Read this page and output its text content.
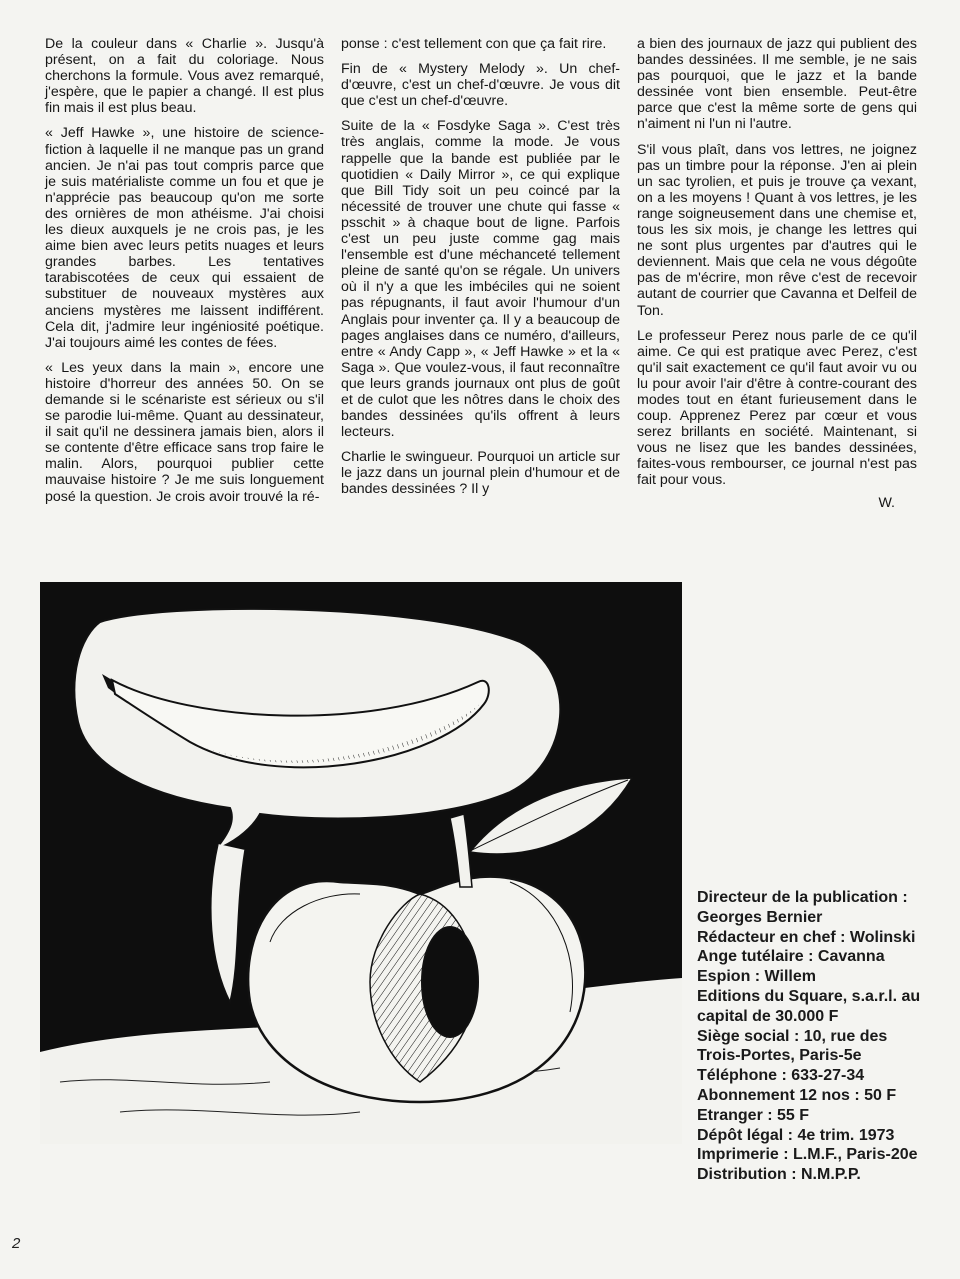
De la couleur dans « Charlie ». Jusqu'à présent, on a fait du coloriage. Nous cherchons la formule. Vous avez remarqué, j'espère, que le papier a changé. Il est plus fin mais il est plus beau.

« Jeff Hawke », une histoire de science-fiction à laquelle il ne manque pas un grand ancien. Je n'ai pas tout compris parce que je suis matérialiste comme un fou et que je n'apprécie pas beaucoup qu'on me sorte des ornières de mon athéisme. J'ai choisi les dieux auxquels je ne crois pas, je les aime bien avec leurs petits nuages et leurs grandes barbes. Les tentatives tarabiscotées de ceux qui essaient de substituer de nouveaux mystères aux anciens mystères me laissent indifférent. Cela dit, j'admire leur ingéniosité poétique. J'ai toujours aimé les contes de fées.

« Les yeux dans la main », encore une histoire d'horreur des années 50. On se demande si le scénariste est sérieux ou s'il se parodie lui-même. Quant au dessinateur, il sait qu'il ne dessinera jamais bien, alors il se contente d'être efficace sans trop faire le malin. Alors, pourquoi publier cette mauvaise histoire ? Je me suis longuement posé la question. Je crois avoir trouvé la ré-

ponse : c'est tellement con que ça fait rire.

Fin de « Mystery Melody ». Un chef-d'œuvre, c'est un chef-d'œuvre. Je vous dit que c'est un chef-d'œuvre.

Suite de la « Fosdyke Saga ». C'est très très anglais, comme la mode. Je vous rappelle que la bande est publiée par le quotidien « Daily Mirror », ce qui explique que Bill Tidy soit un peu coincé par la nécessité de trouver une chute qui fasse « psschit » à chaque bout de ligne. Parfois c'est un peu juste comme gag mais l'ensemble est d'une méchanceté tellement pleine de santé qu'on se régale. Un univers où il n'y a que les imbéciles qui ne soient pas répugnants, il faut avoir l'humour d'un Anglais pour inventer ça. Il y a beaucoup de pages anglaises dans ce numéro, d'ailleurs, entre « Andy Capp », « Jeff Hawke » et la « Saga ». Que voulez-vous, il faut reconnaître que leurs grands journaux ont plus de goût et de culot que les nôtres dans le choix des bandes dessinées qu'ils offrent à leurs lecteurs.

Charlie le swingueur. Pourquoi un article sur le jazz dans un journal plein d'humour et de bandes dessinées ? Il y

a bien des journaux de jazz qui publient des bandes dessinées. Il me semble, je ne sais pas pourquoi, que le jazz et la bande dessinée vont bien ensemble. Peut-être parce que c'est la même sorte de gens qui n'aiment ni l'un ni l'autre.

S'il vous plaît, dans vos lettres, ne joignez pas un timbre pour la réponse. J'en ai plein un sac tyrolien, et puis je trouve ça vexant, on a les moyens ! Quant à vos lettres, je les range soigneusement dans une chemise et, tous les six mois, je change les lettres qui ne sont plus urgentes par d'autres qui le deviennent. Mais que cela ne vous dégoûte pas de m'écrire, mon rêve c'est de recevoir autant de courrier que Cavanna et Delfeil de Ton.

Le professeur Perez nous parle de ce qu'il aime. Ce qui est pratique avec Perez, c'est qu'il sait exactement ce qu'il faut avoir vu ou lu pour avoir l'air d'être à contre-courant des modes tout en étant furieusement dans le coup. Apprenez Perez par cœur et vous serez brillants en société. Maintenant, si vous ne lisez que les bandes dessinées, faites-vous rembourser, ce journal n'est pas fait pour vous.

W.

Directeur de la publication :
Georges Bernier
Rédacteur en chef : Wolinski
Ange tutélaire : Cavanna
Espion : Willem
Editions du Square, s.a.r.l. au
capital de 30.000 F
Siège social : 10, rue des
Trois-Portes, Paris-5e
Téléphone : 633-27-34
Abonnement 12 nos : 50 F
Etranger : 55 F
Dépôt légal : 4e trim. 1973
Imprimerie : L.M.F., Paris-20e
Distribution : N.M.P.P.
2
